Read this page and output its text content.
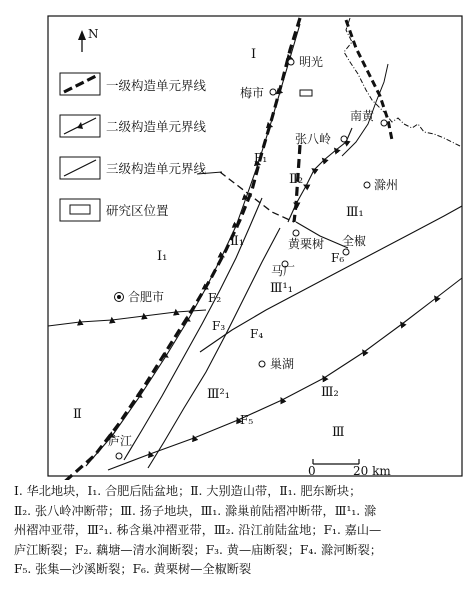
N
一级构造单元界线
二级构造单元界线
三级构造单元界线
研究区位置
明光
梅市
南黄
张八岭
滁州
黄栗树 全椒
马厂
合肥市
巢湖
庐江
Ⅰ
Ⅰ₁
Ⅱ
Ⅱ₁
Ⅱ₂
Ⅲ
Ⅲ₁
Ⅲ¹₁
Ⅲ²₁	Ⅲ₂
F₁
F₂
F₃
F₄
F₅
F₆
0	20 km
Ⅰ. 华北地块，Ⅰ₁. 合肥后陆盆地；Ⅱ. 大别造山带，Ⅱ₁. 肥东断块；
Ⅱ₂. 张八岭冲断带；Ⅲ. 扬子地块，Ⅲ₁. 滁巢前陆褶冲断带，Ⅲ¹₁. 滁
州褶冲亚带，Ⅲ²₁. 秭含巢冲褶亚带，Ⅲ₂. 沿江前陆盆地；F₁. 嘉山—
庐江断裂；F₂. 藕塘—清水涧断裂；F₃. 黄—庙断裂；F₄. 滁河断裂；
F₅. 张集—沙溪断裂；F₆. 黄栗树—全椒断裂
